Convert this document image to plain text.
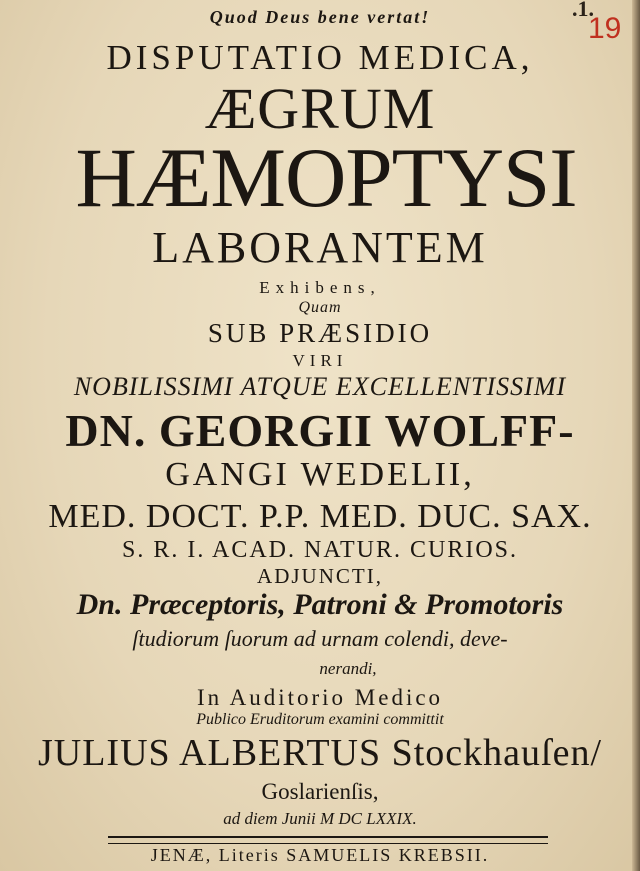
.1.
19
Quod Deus bene vertat!
DISPUTATIO MEDICA,
ÆGRUM
HÆMOPTYSI
LABORANTEM
Exhibens,
Quam
SUB PRÆSIDIO
VIRI
NOBILISSIMI ATQUE EXCELLENTISSIMI
DN. GEORGII WOLFF-
GANGI WEDELII,
MED. DOCT. P.P. MED. DUC. SAX.
S. R. I. ACAD. NATUR. CURIOS.
ADJUNCTI,
Dn. Præceptoris, Patroni & Promotoris
ſtudiorum ſuorum ad urnam colendi, deve-
nerandi,
In Auditorio Medico
Publico Eruditorum examini committit
JULIUS ALBERTUS Stockhauſen/
Goslarienſis,
ad diem Junii M DC LXXIX.
JENÆ, Literis SAMUELIS KREBSII.
